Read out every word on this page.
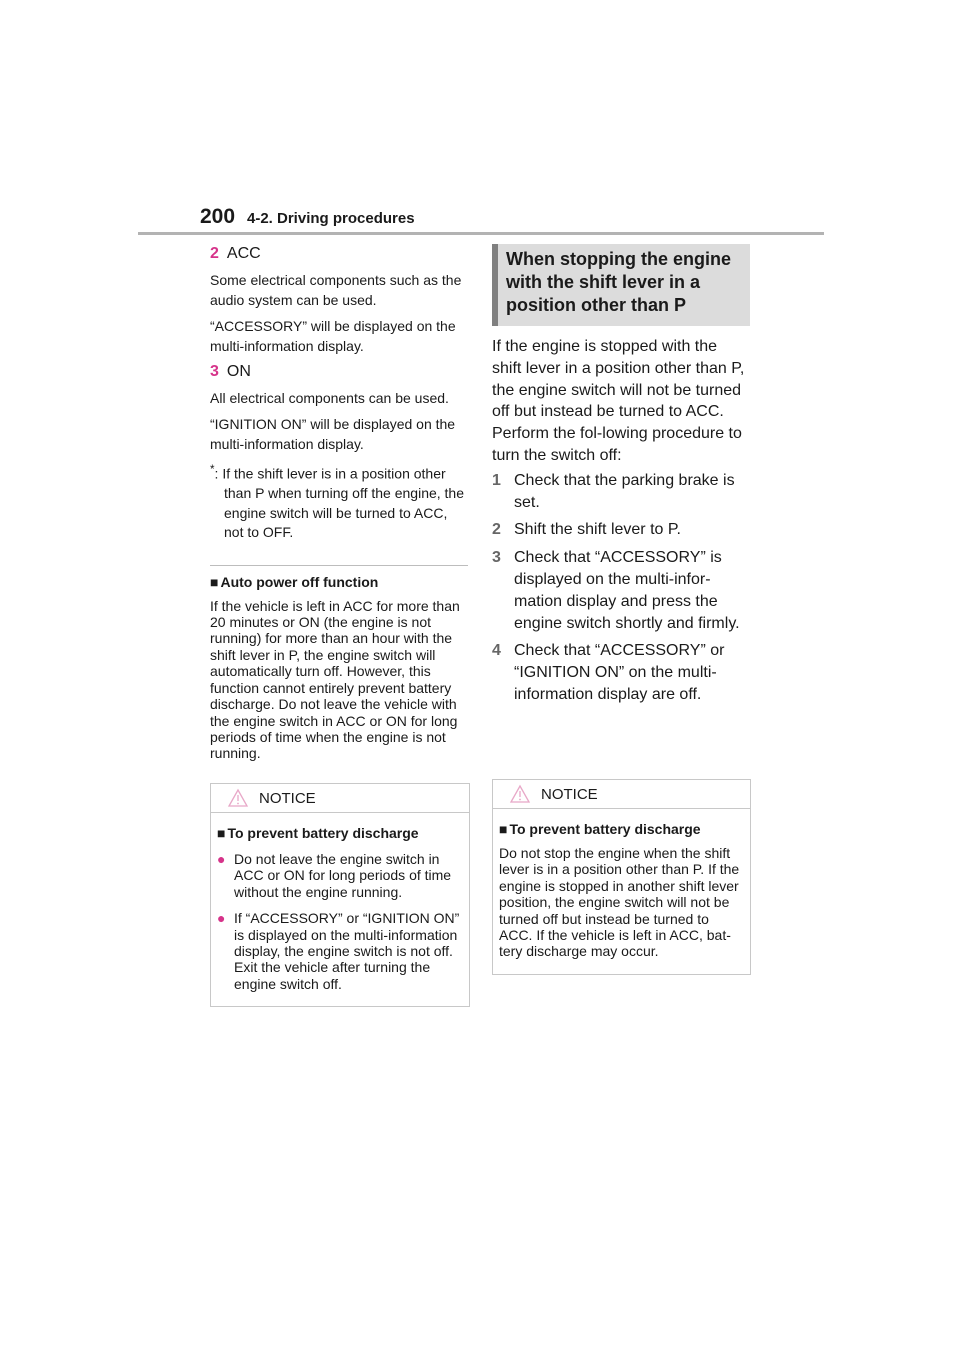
200 4-2. Driving procedures

2 ACC

Some electrical components such as the audio system can be used.

“ACCESSORY” will be displayed on the multi-information display.

3 ON

All electrical components can be used.

“IGNITION ON” will be displayed on the multi-information display.

*: If the shift lever is in a position other than P when turning off the engine, the engine switch will be turned to ACC, not to OFF.

■ Auto power off function

If the vehicle is left in ACC for more than 20 minutes or ON (the engine is not running) for more than an hour with the shift lever in P, the engine switch will automatically turn off. However, this function cannot entirely prevent battery discharge. Do not leave the vehicle with the engine switch in ACC or ON for long periods of time when the engine is not running.

NOTICE

■ To prevent battery discharge

● Do not leave the engine switch in ACC or ON for long periods of time without the engine running.
● If “ACCESSORY” or “IGNITION ON” is displayed on the multi-information display, the engine switch is not off. Exit the vehicle after turning the engine switch off.

When stopping the engine with the shift lever in a position other than P

If the engine is stopped with the shift lever in a position other than P, the engine switch will not be turned off but instead be turned to ACC. Perform the fol-lowing procedure to turn the switch off:

1 Check that the parking brake is set.
2 Shift the shift lever to P.
3 Check that “ACCESSORY” is displayed on the multi-infor-mation display and press the engine switch shortly and firmly.
4 Check that “ACCESSORY” or “IGNITION ON” on the multi-information display are off.
NOTICE

■ To prevent battery discharge

Do not stop the engine when the shift lever is in a position other than P. If the engine is stopped in another shift lever position, the engine switch will not be turned off but instead be turned to ACC. If the vehicle is left in ACC, bat-tery discharge may occur.
